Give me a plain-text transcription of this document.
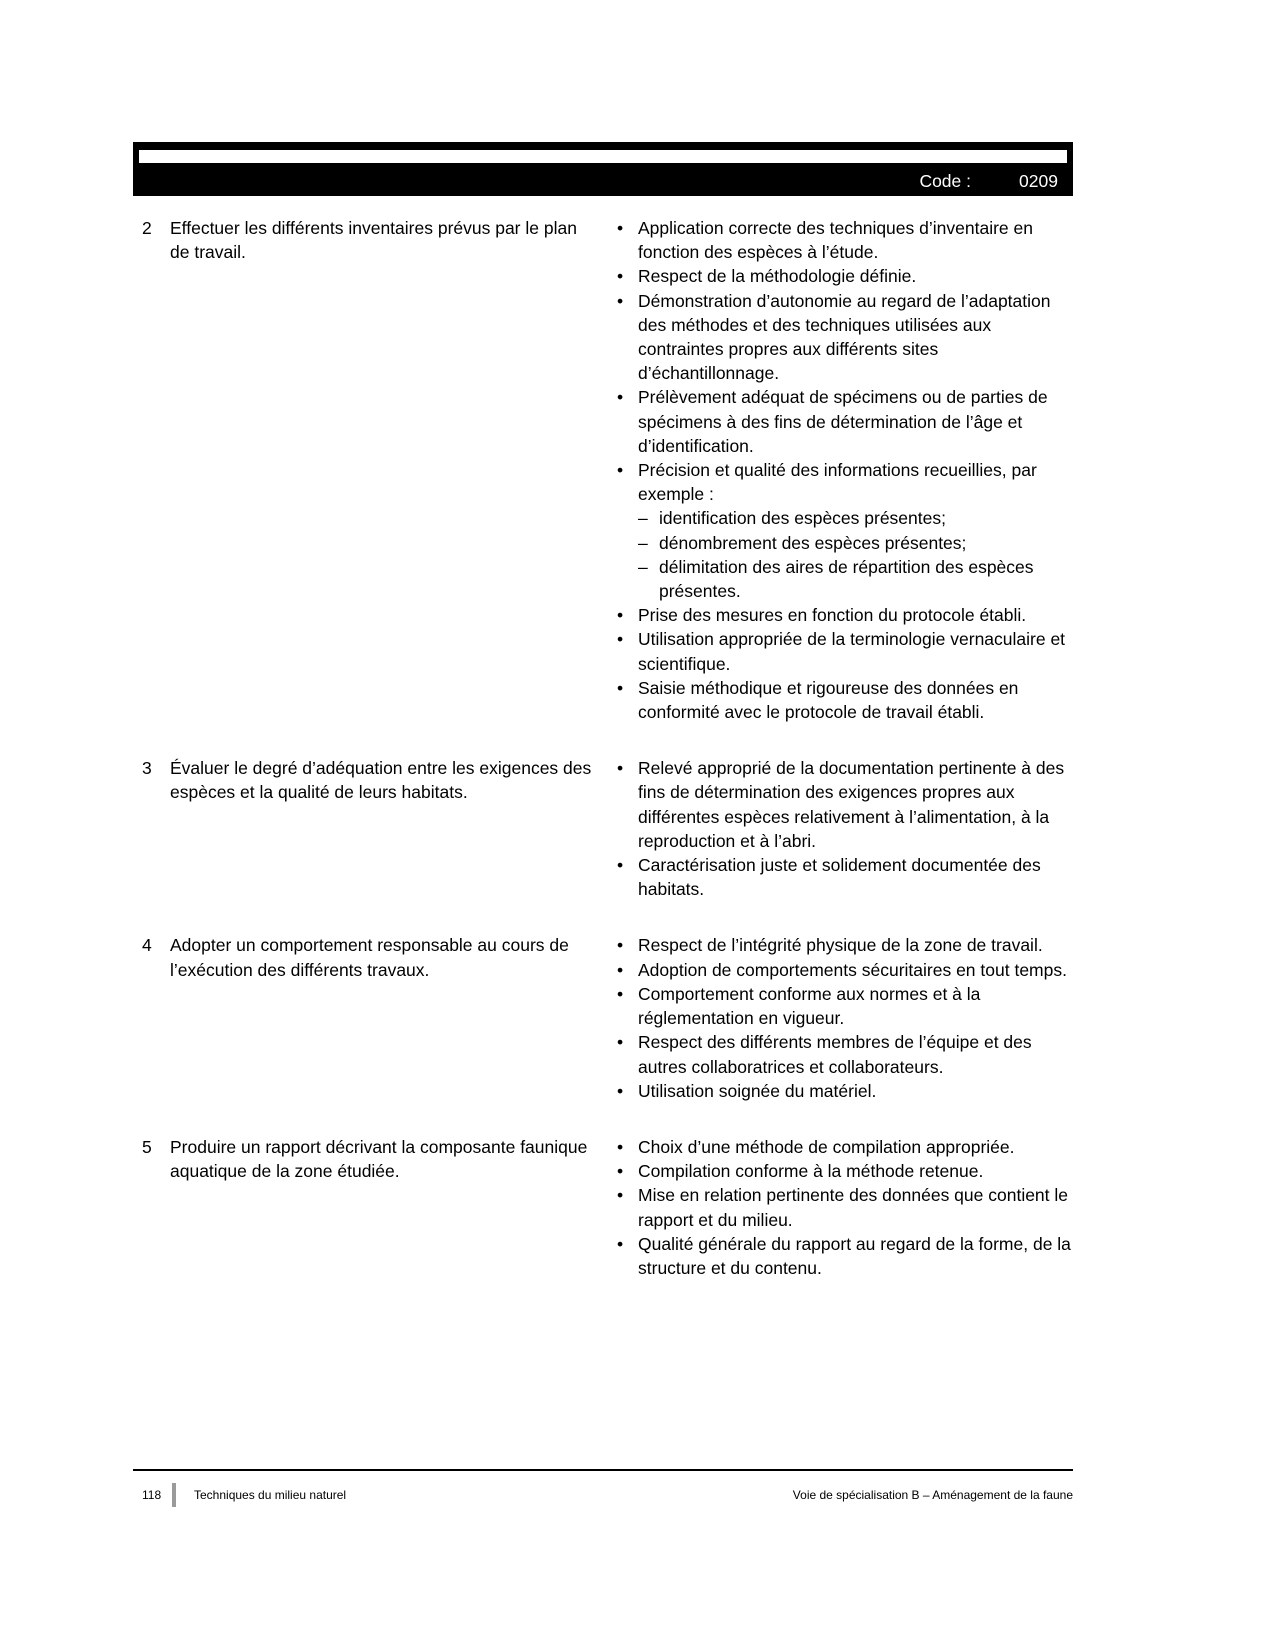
Code :	0209
2	Effectuer les différents inventaires prévus par le plan de travail.
• Application correcte des techniques d’inventaire en fonction des espèces à l’étude.
• Respect de la méthodologie définie.
• Démonstration d’autonomie au regard de l’adaptation des méthodes et des techniques utilisées aux contraintes propres aux différents sites d’échantillonnage.
• Prélèvement adéquat de spécimens ou de parties de spécimens à des fins de détermination de l’âge et d’identification.
• Précision et qualité des informations recueillies, par exemple :
– identification des espèces présentes;
– dénombrement des espèces présentes;
– délimitation des aires de répartition des espèces présentes.
• Prise des mesures en fonction du protocole établi.
• Utilisation appropriée de la terminologie vernaculaire et scientifique.
• Saisie méthodique et rigoureuse des données en conformité avec le protocole de travail établi.
3	Évaluer le degré d’adéquation entre les exigences des espèces et la qualité de leurs habitats.
• Relevé approprié de la documentation pertinente à des fins de détermination des exigences propres aux différentes espèces relativement à l’alimentation, à la reproduction et à l’abri.
• Caractérisation juste et solidement documentée des habitats.
4	Adopter un comportement responsable au cours de l’exécution des différents travaux.
• Respect de l’intégrité physique de la zone de travail.
• Adoption de comportements sécuritaires en tout temps.
• Comportement conforme aux normes et à la réglementation en vigueur.
• Respect des différents membres de l’équipe et des autres collaboratrices et collaborateurs.
• Utilisation soignée du matériel.
5	Produire un rapport décrivant la composante faunique aquatique de la zone étudiée.
• Choix d’une méthode de compilation appropriée.
• Compilation conforme à la méthode retenue.
• Mise en relation pertinente des données que contient le rapport et du milieu.
• Qualité générale du rapport au regard de la forme, de la structure et du contenu.
118	Techniques du milieu naturel	Voie de spécialisation B – Aménagement de la faune
